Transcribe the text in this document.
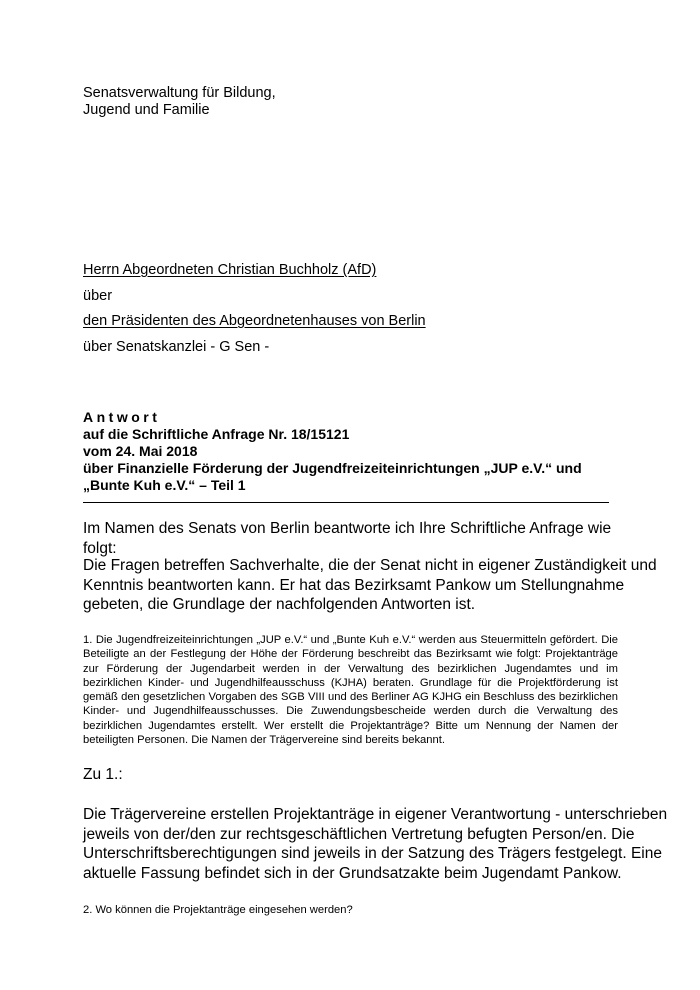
Senatsverwaltung für Bildung,
Jugend und Familie
Herrn Abgeordneten Christian Buchholz (AfD)
über
den Präsidenten des Abgeordnetenhauses von Berlin
über Senatskanzlei - G Sen -
Antwort
auf die Schriftliche Anfrage Nr. 18/15121
vom 24. Mai 2018
über Finanzielle Förderung der Jugendfreizeiteinrichtungen „JUP e.V.“ und
„Bunte Kuh e.V.“ – Teil 1
Im Namen des Senats von Berlin beantworte ich Ihre Schriftliche Anfrage wie folgt:
Die Fragen betreffen Sachverhalte, die der Senat nicht in eigener Zuständigkeit und
Kenntnis beantworten kann. Er hat das Bezirksamt Pankow um Stellungnahme
gebeten, die Grundlage der nachfolgenden Antworten ist.
1. Die Jugendfreizeiteinrichtungen „JUP e.V.“ und „Bunte Kuh e.V.“ werden aus Steuermitteln gefördert. Die Beteiligte an der Festlegung der Höhe der Förderung beschreibt das Bezirksamt wie folgt: Projektanträge zur Förderung der Jugendarbeit werden in der Verwaltung des bezirklichen Jugendamtes und im bezirklichen Kinder- und Jugendhilfeausschuss (KJHA) beraten. Grundlage für die Projektförderung ist gemäß den gesetzlichen Vorgaben des SGB VIII und des Berliner AG KJHG ein Beschluss des bezirklichen Kinder- und Jugendhilfeausschusses. Die Zuwendungsbescheide werden durch die Verwaltung des bezirklichen Jugendamtes erstellt. Wer erstellt die Projektanträge? Bitte um Nennung der Namen der beteiligten Personen. Die Namen der Trägervereine sind bereits bekannt.
Zu 1.:
Die Trägervereine erstellen Projektanträge in eigener Verantwortung - unterschrieben
jeweils von der/den zur rechtsgeschäftlichen Vertretung befugten Person/en. Die
Unterschriftsberechtigungen sind jeweils in der Satzung des Trägers festgelegt. Eine
aktuelle Fassung befindet sich in der Grundsatzakte beim Jugendamt Pankow.
2. Wo können die Projektanträge eingesehen werden?
